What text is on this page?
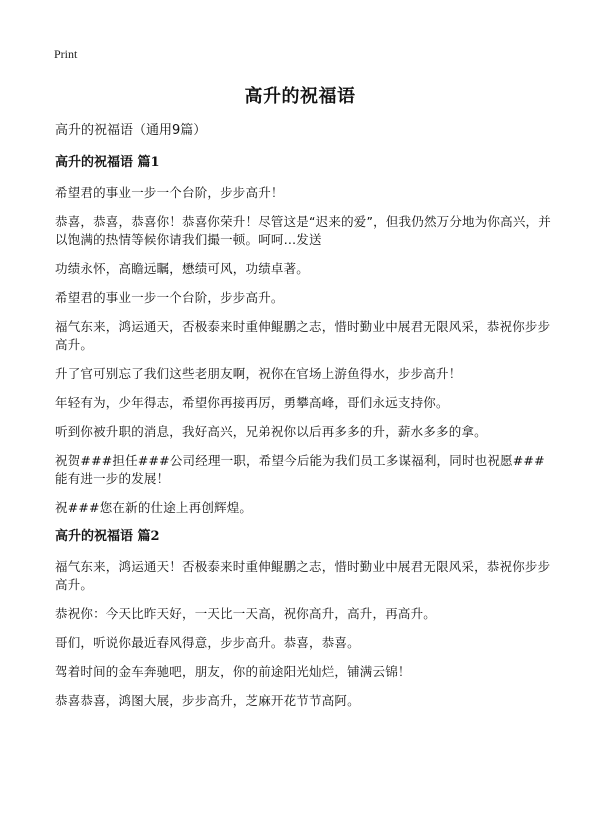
Print
高升的祝福语
高升的祝福语（通用9篇）
高升的祝福语 篇1

希望君的事业一步一个台阶，步步高升！

恭喜，恭喜，恭喜你！恭喜你荣升！尽管这是“迟来的爱”，但我仍然万分地为你高兴，并以饱满的热情等候你请我们撮一顿。呵呵…发送

功绩永怀，高瞻远瞩，懋绩可风，功绩卓著。

希望君的事业一步一个台阶，步步高升。

福气东来，鸿运通天，否极泰来时重伸鲲鹏之志，惜时勤业中展君无限风采，恭祝你步步高升。

升了官可别忘了我们这些老朋友啊，祝你在官场上游鱼得水，步步高升！

年轻有为，少年得志，希望你再接再厉，勇攀高峰，哥们永远支持你。

听到你被升职的消息，我好高兴，兄弟祝你以后再多多的升，薪水多多的拿。

祝贺###担任###公司经理一职，希望今后能为我们员工多谋福利，同时也祝愿###能有进一步的发展！

祝###您在新的仕途上再创辉煌。

高升的祝福语 篇2

福气东来，鸿运通天！否极泰来时重伸鲲鹏之志，惜时勤业中展君无限风采，恭祝你步步高升。

恭祝你：今天比昨天好，一天比一天高，祝你高升，高升，再高升。

哥们，听说你最近春风得意，步步高升。恭喜，恭喜。

驾着时间的金车奔驰吧，朋友，你的前途阳光灿烂，铺满云锦！

恭喜恭喜，鸿图大展，步步高升，芝麻开花节节高阿。
